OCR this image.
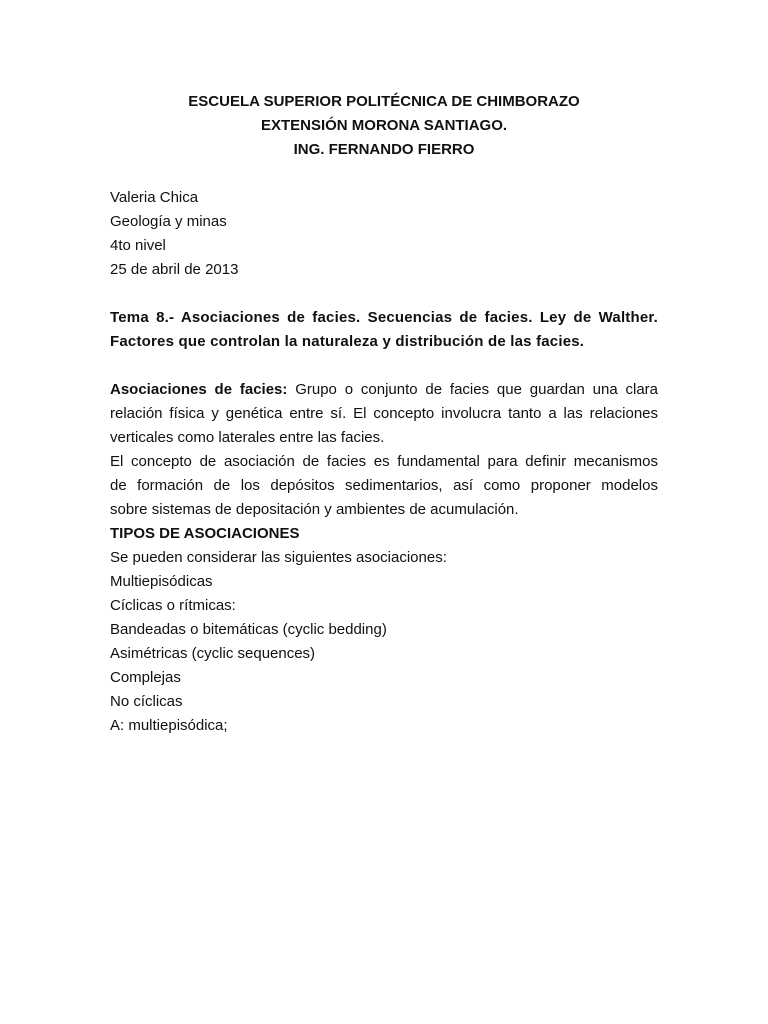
ESCUELA SUPERIOR POLITÉCNICA DE CHIMBORAZO
EXTENSIÓN MORONA SANTIAGO.
ING. FERNANDO FIERRO
Valeria Chica
Geología y minas
4to nivel
25 de abril de 2013
Tema 8.- Asociaciones de facies. Secuencias de facies. Ley de Walther.
Factores que controlan la naturaleza y distribución de las facies.
Asociaciones de facies: Grupo o conjunto de facies que guardan una clara
relación física y genética entre sí. El concepto involucra tanto a las relaciones
verticales como laterales entre las facies.
El concepto de asociación de facies es fundamental para definir mecanismos
de formación de los depósitos sedimentarios, así como proponer modelos
sobre sistemas de depositación y ambientes de acumulación.
TIPOS DE ASOCIACIONES
Se pueden considerar las siguientes asociaciones:
Multiepisódicas
Cíclicas o rítmicas:
Bandeadas o bitemáticas (cyclic bedding)
Asimétricas (cyclic sequences)
Complejas
No cíclicas
A: multiepisódica;
